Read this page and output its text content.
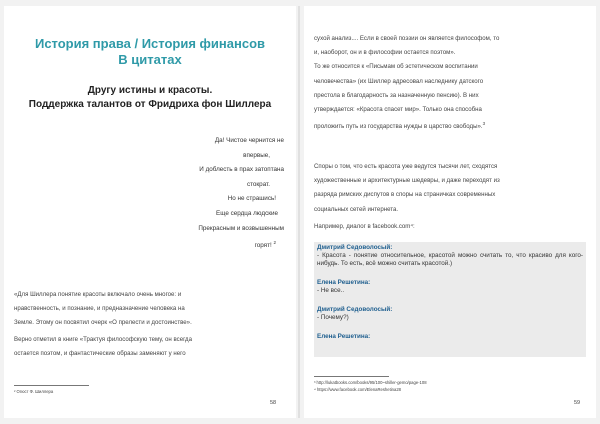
История права / История финансов
В цитатах
Другу истины и красоты.
Поддержка талантов от Фридриха фон Шиллера
Да! Чистое чернится не
впервые,
И доблесть в прах затоптана
стократ.
Но не страшись!
Еще сердца людские
Прекрасным и возвышенным
горят! $^2$
«Для Шиллера понятие красоты включало очень многое: и
нравственность, и познание, и предназначение человека на
Земле. Этому он посвятил очерк «О прелести и достоинстве».
Верно отметил в книге «Трактуя философскую тему, он всегда
остается поэтом, и фантастические образы заменяют у него
² Огюст Ф. Шиллера
58
сухой анализ.... Если в своей поэзии он является философом, то
и, наоборот, он и в философии остается поэтом».
То же относится к «Письмам об эстетическом воспитании
человечества» (их Шиллер адресовал наследнику датского
престола в благодарность за назначенную пенсию). В них
утверждается: «Красота спасет мир». Только она способна
проложить путь из государства нужды в царство свободы».$^3$
Споры о том, что есть красота уже ведутся тысячи лет, сходятся
художественные и архитектурные шедевры, и даже переходят из
разряда римских диспутов в споры на страничках современных
социальных сетей интернета.
Например, диалог в facebook.com⁴:
Дмитрий Седоволосый:
- Красота - понятие относительное, красотой можно считать то, что красиво для кого-нибудь. То есть, всё можно считать красотой.)
Елена Решетина:
- Не все..
Дмитрий Седоволосый:
- Почему?)
Елена Решетина:
³ http://lukatbooks.com/books/95/100~shiller-gemo/page-108
⁴ https://www.facebook.com/ElenaReshetina28
59
